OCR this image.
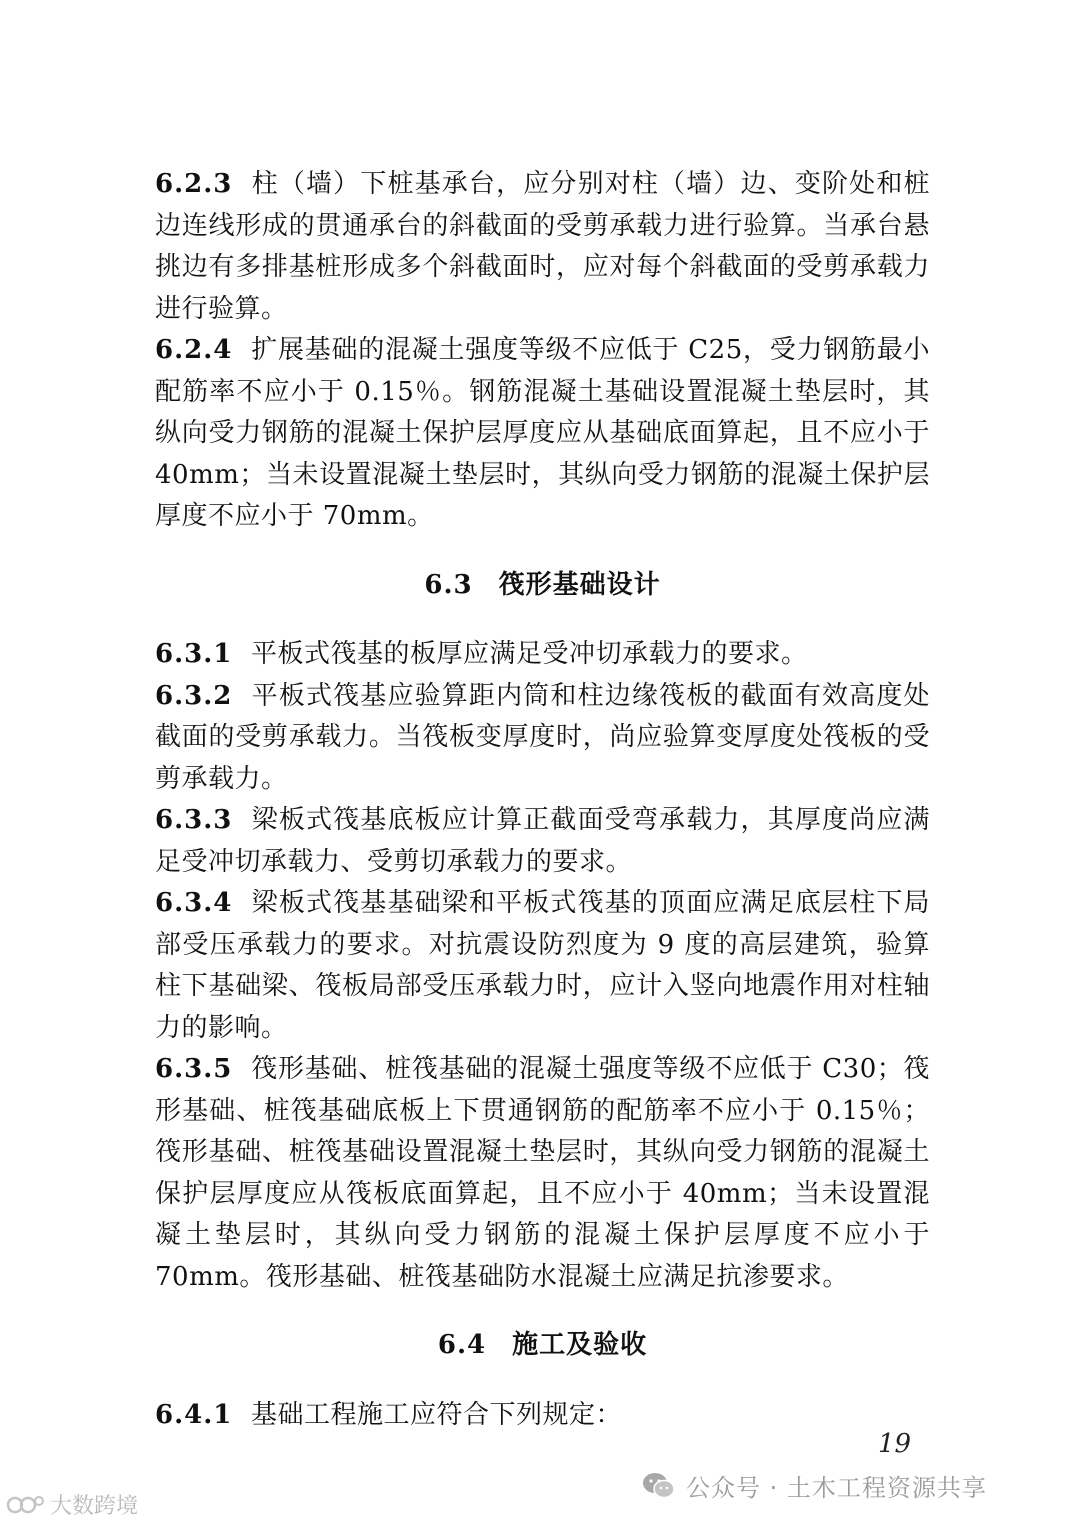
6.2.3 柱（墙）下桩基承台，应分别对柱（墙）边、变阶处和桩边连线形成的贯通承台的斜截面的受剪承载力进行验算。当承台悬挑边有多排基桩形成多个斜截面时，应对每个斜截面的受剪承载力进行验算。

6.2.4 扩展基础的混凝土强度等级不应低于 C25，受力钢筋最小配筋率不应小于 0.15％。钢筋混凝土基础设置混凝土垫层时，其纵向受力钢筋的混凝土保护层厚度应从基础底面算起，且不应小于 40mm；当未设置混凝土垫层时，其纵向受力钢筋的混凝土保护层厚度不应小于 70mm。

6.3 筏形基础设计

6.3.1 平板式筏基的板厚应满足受冲切承载力的要求。

6.3.2 平板式筏基应验算距内筒和柱边缘筏板的截面有效高度处截面的受剪承载力。当筏板变厚度时，尚应验算变厚度处筏板的受剪承载力。

6.3.3 梁板式筏基底板应计算正截面受弯承载力，其厚度尚应满足受冲切承载力、受剪切承载力的要求。

6.3.4 梁板式筏基基础梁和平板式筏基的顶面应满足底层柱下局部受压承载力的要求。对抗震设防烈度为 9 度的高层建筑，验算柱下基础梁、筏板局部受压承载力时，应计入竖向地震作用对柱轴力的影响。

6.3.5 筏形基础、桩筏基础的混凝土强度等级不应低于 C30；筏形基础、桩筏基础底板上下贯通钢筋的配筋率不应小于 0.15％；筏形基础、桩筏基础设置混凝土垫层时，其纵向受力钢筋的混凝土保护层厚度应从筏板底面算起，且不应小于 40mm；当未设置混凝土垫层时，其纵向受力钢筋的混凝土保护层厚度不应小于 70mm。筏形基础、桩筏基础防水混凝土应满足抗渗要求。

6.4 施工及验收

6.4.1 基础工程施工应符合下列规定：

19
公众号 · 土木工程资源共享
大数跨境
